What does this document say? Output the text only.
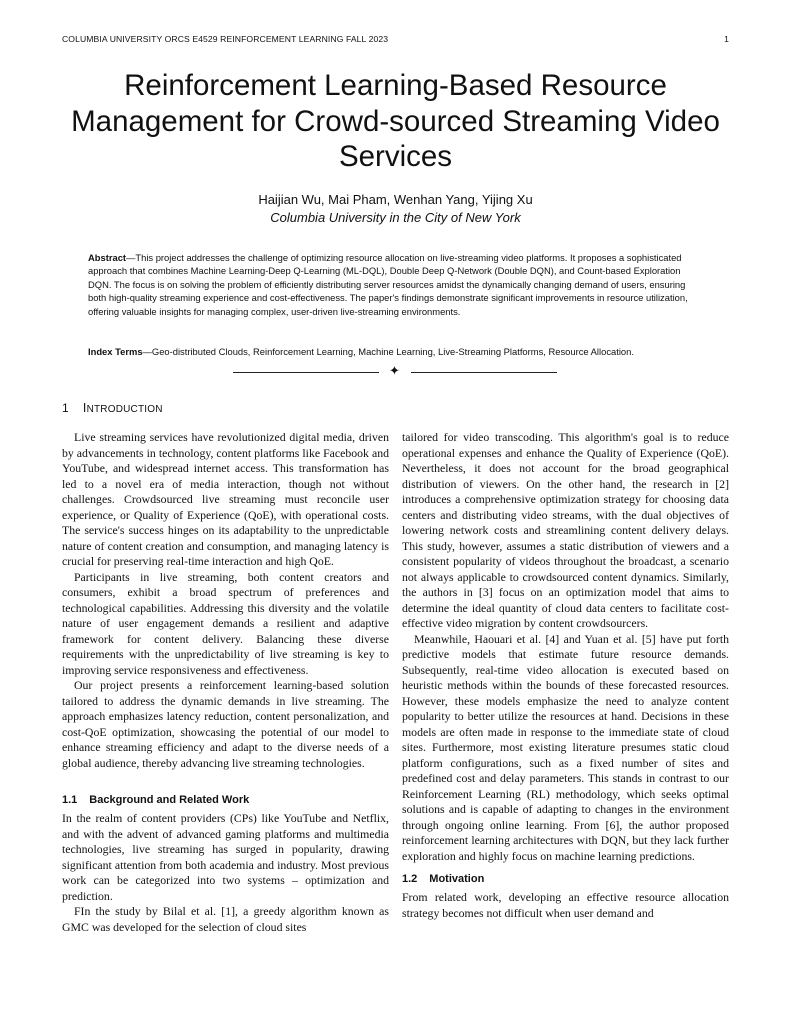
COLUMBIA UNIVERSITY ORCS E4529 REINFORCEMENT LEARNING FALL 2023	1
Reinforcement Learning-Based Resource Management for Crowd-sourced Streaming Video Services
Haijian Wu, Mai Pham, Wenhan Yang, Yijing Xu
Columbia University in the City of New York
Abstract—This project addresses the challenge of optimizing resource allocation on live-streaming video platforms. It proposes a sophisticated approach that combines Machine Learning-Deep Q-Learning (ML-DQL), Double Deep Q-Network (Double DQN), and Count-based Exploration DQN. The focus is on solving the problem of efficiently distributing server resources amidst the dynamically changing demand of users, ensuring both high-quality streaming experience and cost-effectiveness. The paper's findings demonstrate significant improvements in resource utilization, offering valuable insights for managing complex, user-driven live-streaming environments.
Index Terms—Geo-distributed Clouds, Reinforcement Learning, Machine Learning, Live-Streaming Platforms, Resource Allocation.
✦
1 INTRODUCTION

Live streaming services have revolutionized digital media, driven by advancements in technology, content platforms like Facebook and YouTube, and widespread internet access. This transformation has led to a novel era of media interaction, though not without challenges. Crowdsourced live streaming must reconcile user experience, or Quality of Experience (QoE), with operational costs. The service's success hinges on its adaptability to the unpredictable nature of content creation and consumption, and managing latency is crucial for preserving real-time interaction and high QoE.

Participants in live streaming, both content creators and consumers, exhibit a broad spectrum of preferences and technological capabilities. Addressing this diversity and the volatile nature of user engagement demands a resilient and adaptive framework for content delivery. Balancing these diverse requirements with the unpredictability of live streaming is key to improving service responsiveness and effectiveness.

Our project presents a reinforcement learning-based solution tailored to address the dynamic demands in live streaming. The approach emphasizes latency reduction, content personalization, and cost-QoE optimization, showcasing the potential of our model to enhance streaming efficiency and adapt to the diverse needs of a global audience, thereby advancing live streaming technologies.

1.1 Background and Related Work

In the realm of content providers (CPs) like YouTube and Netflix, and with the advent of advanced gaming platforms and multimedia technologies, live streaming has surged in popularity, drawing significant attention from both academia and industry. Most previous work can be categorized into two systems – optimization and prediction.

FIn the study by Bilal et al. [1], a greedy algorithm known as GMC was developed for the selection of cloud sites

tailored for video transcoding. This algorithm's goal is to reduce operational expenses and enhance the Quality of Experience (QoE). Nevertheless, it does not account for the broad geographical distribution of viewers. On the other hand, the research in [2] introduces a comprehensive optimization strategy for choosing data centers and distributing video streams, with the dual objectives of lowering network costs and streamlining content delivery delays. This study, however, assumes a static distribution of viewers and a consistent popularity of videos throughout the broadcast, a scenario not always applicable to crowdsourced content dynamics. Similarly, the authors in [3] focus on an optimization model that aims to determine the ideal quantity of cloud data centers to facilitate cost-effective video migration by content crowdsourcers.

Meanwhile, Haouari et al. [4] and Yuan et al. [5] have put forth predictive models that estimate future resource demands. Subsequently, real-time video allocation is executed based on heuristic methods within the bounds of these forecasted resources. However, these models emphasize the need to analyze content popularity to better utilize the resources at hand. Decisions in these models are often made in response to the immediate state of cloud sites. Furthermore, most existing literature presumes static cloud platform configurations, such as a fixed number of sites and predefined cost and delay parameters. This stands in contrast to our Reinforcement Learning (RL) methodology, which seeks optimal solutions and is capable of adapting to changes in the environment through ongoing online learning. From [6], the author proposed reinforcement learning architectures with DQN, but they lack further exploration and highly focus on machine learning predictions.

1.2 Motivation

From related work, developing an effective resource allocation strategy becomes not difficult when user demand and
